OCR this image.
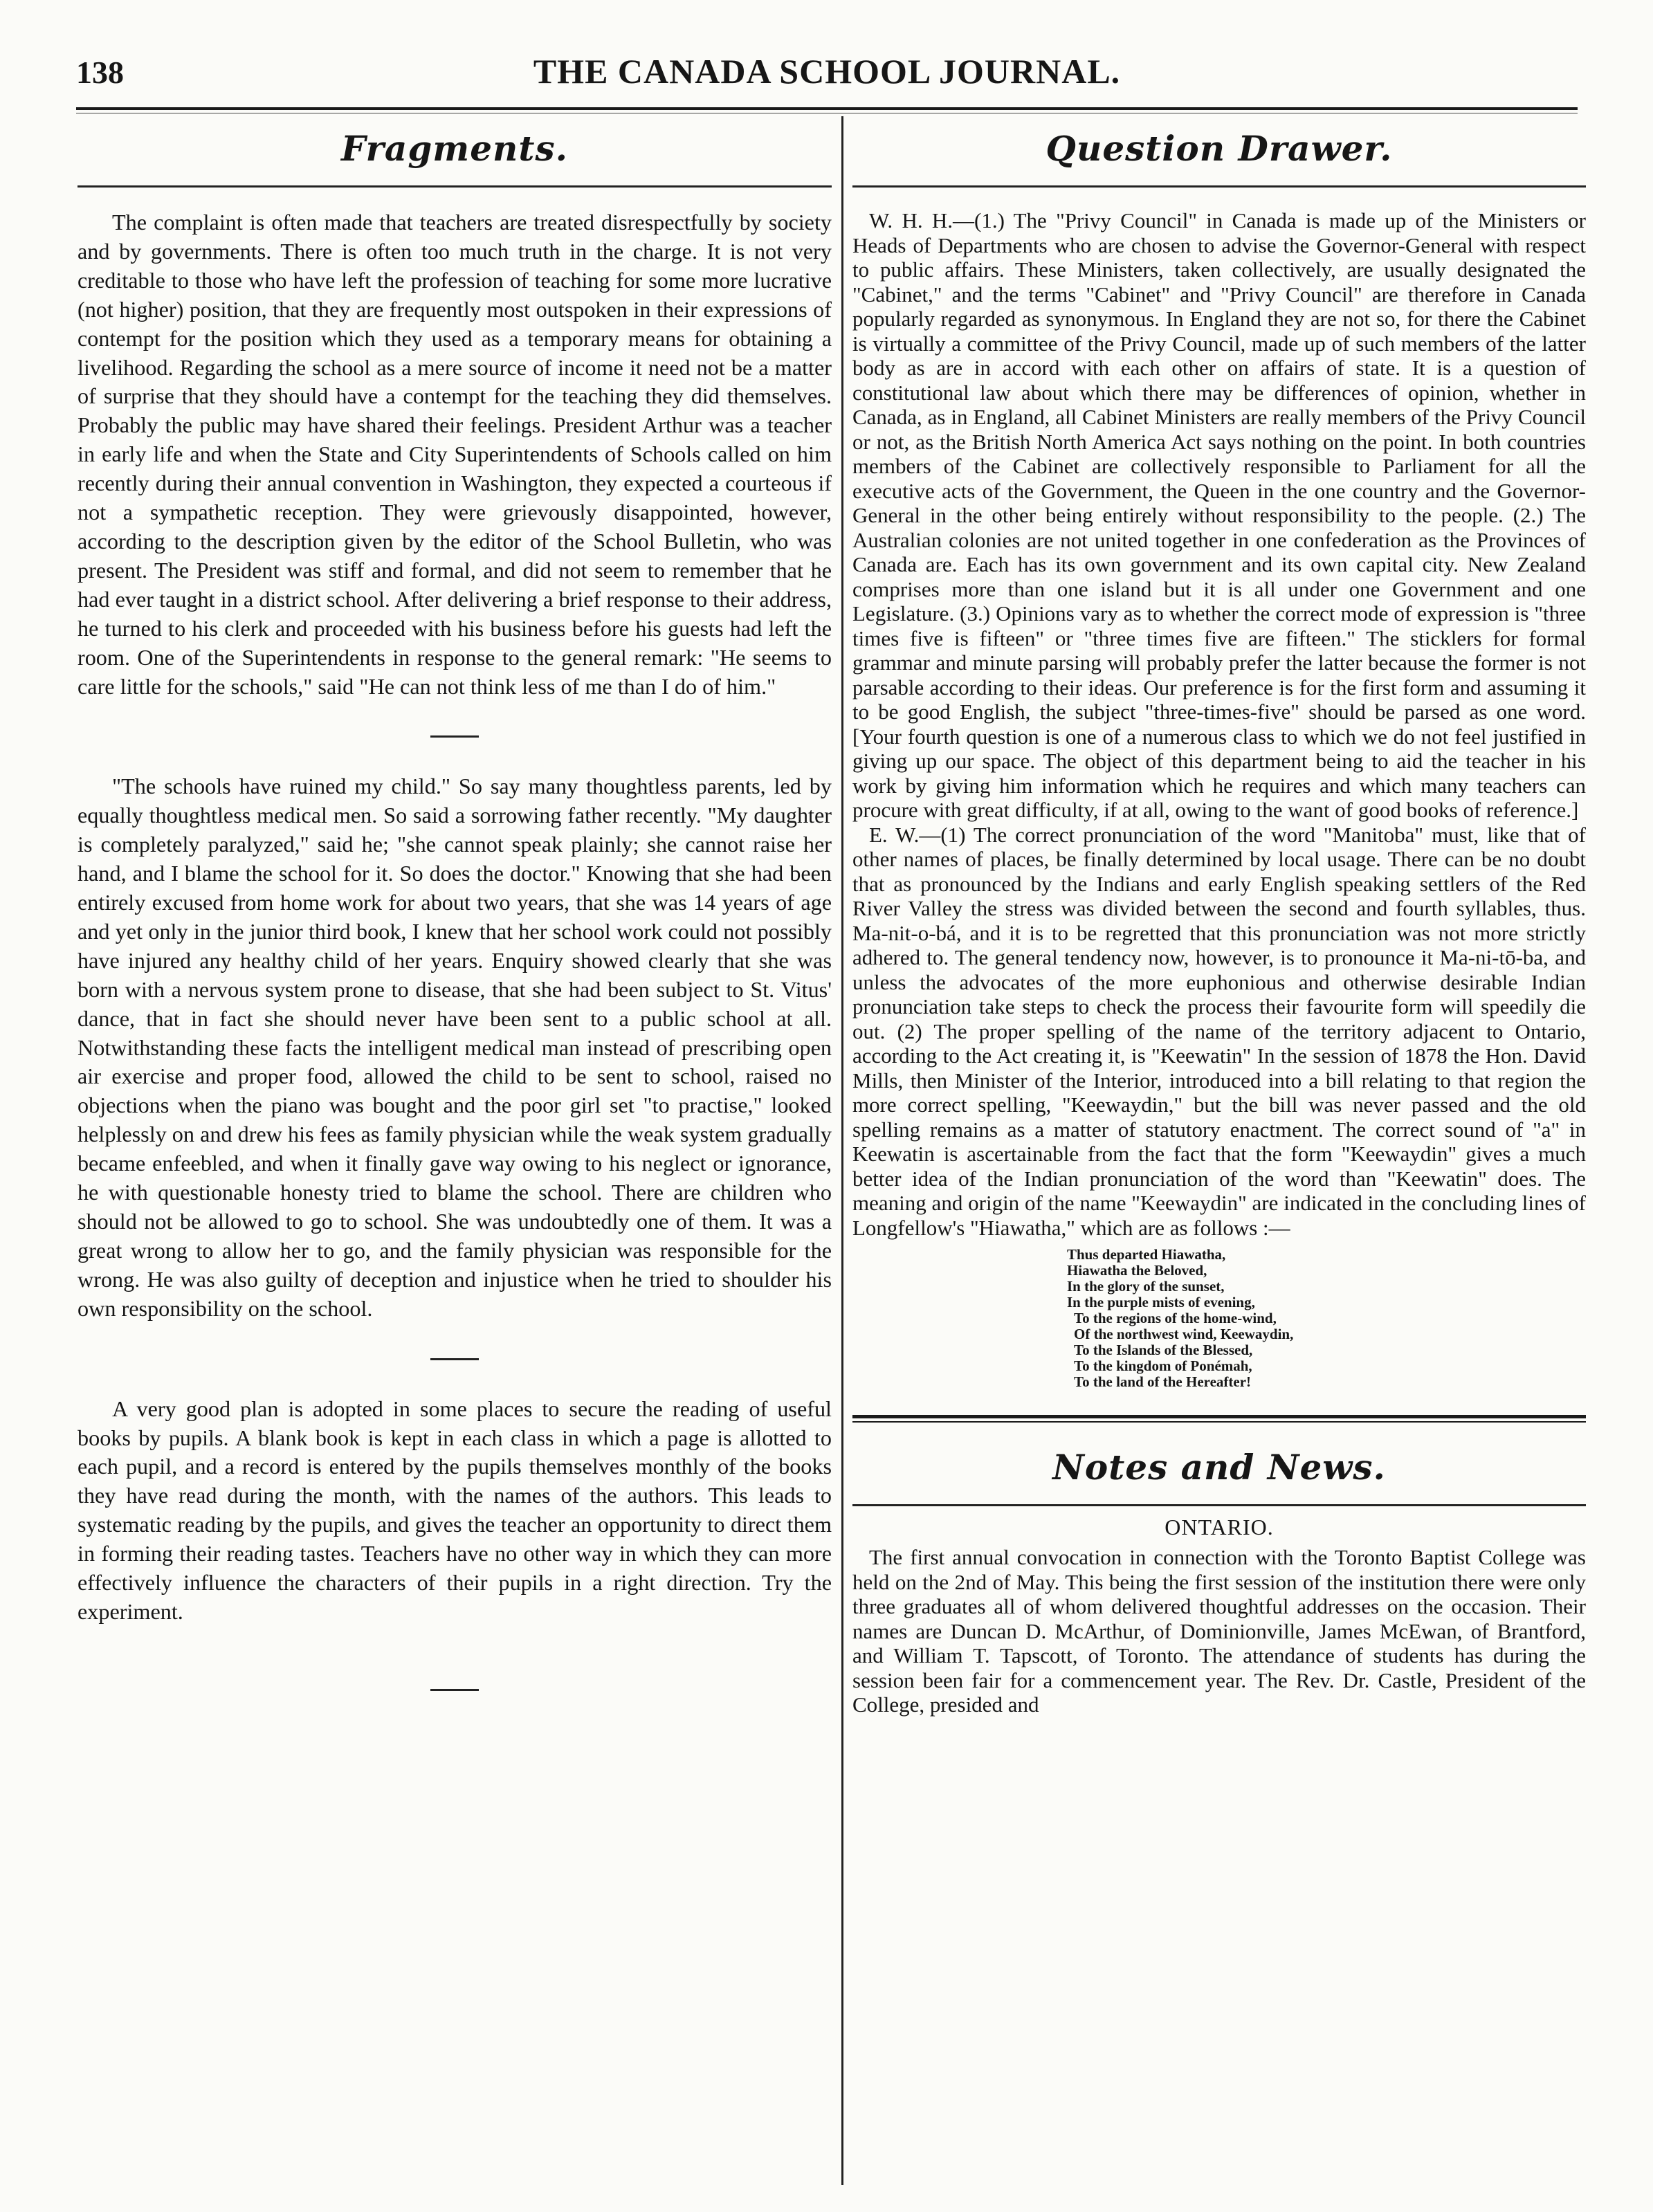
138	THE CANADA SCHOOL JOURNAL.
Fragments.

The complaint is often made that teachers are treated disrespectfully by society and by governments. There is often too much truth in the charge. It is not very creditable to those who have left the profession of teaching for some more lucrative (not higher) position, that they are frequently most outspoken in their expressions of contempt for the position which they used as a temporary means for obtaining a livelihood. Regarding the school as a mere source of income it need not be a matter of surprise that they should have a contempt for the teaching they did themselves. Probably the public may have shared their feelings. President Arthur was a teacher in early life and when the State and City Superintendents of Schools called on him recently during their annual convention in Washington, they expected a courteous if not a sympathetic reception. They were grievously disappointed, however, according to the description given by the editor of the School Bulletin, who was present. The President was stiff and formal, and did not seem to remember that he had ever taught in a district school. After delivering a brief response to their address, he turned to his clerk and proceeded with his business before his guests had left the room. One of the Superintendents in response to the general remark: "He seems to care little for the schools," said "He can not think less of me than I do of him."

"The schools have ruined my child." So say many thoughtless parents, led by equally thoughtless medical men. So said a sorrowing father recently. "My daughter is completely paralyzed," said he; "she cannot speak plainly; she cannot raise her hand, and I blame the school for it. So does the doctor." Knowing that she had been entirely excused from home work for about two years, that she was 14 years of age and yet only in the junior third book, I knew that her school work could not possibly have injured any healthy child of her years. Enquiry showed clearly that she was born with a nervous system prone to disease, that she had been subject to St. Vitus' dance, that in fact she should never have been sent to a public school at all. Notwithstanding these facts the intelligent medical man instead of prescribing open air exercise and proper food, allowed the child to be sent to school, raised no objections when the piano was bought and the poor girl set "to practise," looked helplessly on and drew his fees as family physician while the weak system gradually became enfeebled, and when it finally gave way owing to his neglect or ignorance, he with questionable honesty tried to blame the school. There are children who should not be allowed to go to school. She was undoubtedly one of them. It was a great wrong to allow her to go, and the family physician was responsible for the wrong. He was also guilty of deception and injustice when he tried to shoulder his own responsibility on the school.

A very good plan is adopted in some places to secure the reading of useful books by pupils. A blank book is kept in each class in which a page is allotted to each pupil, and a record is entered by the pupils themselves monthly of the books they have read during the month, with the names of the authors. This leads to systematic reading by the pupils, and gives the teacher an opportunity to direct them in forming their reading tastes. Teachers have no other way in which they can more effectively influence the characters of their pupils in a right direction. Try the experiment.

Question Drawer.

W. H. H.—(1.) The "Privy Council" in Canada is made up of the Ministers or Heads of Departments who are chosen to advise the Governor-General with respect to public affairs. These Ministers, taken collectively, are usually designated the "Cabinet," and the terms "Cabinet" and "Privy Council" are therefore in Canada popularly regarded as synonymous. In England they are not so, for there the Cabinet is virtually a committee of the Privy Council, made up of such members of the latter body as are in accord with each other on affairs of state. It is a question of constitutional law about which there may be differences of opinion, whether in Canada, as in England, all Cabinet Ministers are really members of the Privy Council or not, as the British North America Act says nothing on the point. In both countries members of the Cabinet are collectively responsible to Parliament for all the executive acts of the Government, the Queen in the one country and the Governor-General in the other being entirely without responsibility to the people. (2.) The Australian colonies are not united together in one confederation as the Provinces of Canada are. Each has its own government and its own capital city. New Zealand comprises more than one island but it is all under one Government and one Legislature. (3.) Opinions vary as to whether the correct mode of expression is "three times five is fifteen" or "three times five are fifteen." The sticklers for formal grammar and minute parsing will probably prefer the latter because the former is not parsable according to their ideas. Our preference is for the first form and assuming it to be good English, the subject "three-times-five" should be parsed as one word. [Your fourth question is one of a numerous class to which we do not feel justified in giving up our space. The object of this department being to aid the teacher in his work by giving him information which he requires and which many teachers can procure with great difficulty, if at all, owing to the want of good books of reference.]

E. W.—(1) The correct pronunciation of the word "Manitoba" must, like that of other names of places, be finally determined by local usage. There can be no doubt that as pronounced by the Indians and early English speaking settlers of the Red River Valley the stress was divided between the second and fourth syllables, thus. Ma-nit-o-bá, and it is to be regretted that this pronunciation was not more strictly adhered to. The general tendency now, however, is to pronounce it Ma-ni-tō-ba, and unless the advocates of the more euphonious and otherwise desirable Indian pronunciation take steps to check the process their favourite form will speedily die out. (2) The proper spelling of the name of the territory adjacent to Ontario, according to the Act creating it, is "Keewatin" In the session of 1878 the Hon. David Mills, then Minister of the Interior, introduced into a bill relating to that region the more correct spelling, "Keewaydin," but the bill was never passed and the old spelling remains as a matter of statutory enactment. The correct sound of "a" in Keewatin is ascertainable from the fact that the form "Keewaydin" gives a much better idea of the Indian pronunciation of the word than "Keewatin" does. The meaning and origin of the name "Keewaydin" are indicated in the concluding lines of Longfellow's "Hiawatha," which are as follows :—

Thus departed Hiawatha,
Hiawatha the Beloved,
In the glory of the sunset,
In the purple mists of evening,
To the regions of the home-wind,
Of the northwest wind, Keewaydin,
To the Islands of the Blessed,
To the kingdom of Ponémah,
To the land of the Hereafter!
Notes and News.
ONTARIO.

The first annual convocation in connection with the Toronto Baptist College was held on the 2nd of May. This being the first session of the institution there were only three graduates all of whom delivered thoughtful addresses on the occasion. Their names are Duncan D. McArthur, of Dominionville, James McEwan, of Brantford, and William T. Tapscott, of Toronto. The attendance of students has during the session been fair for a commencement year. The Rev. Dr. Castle, President of the College, presided and
